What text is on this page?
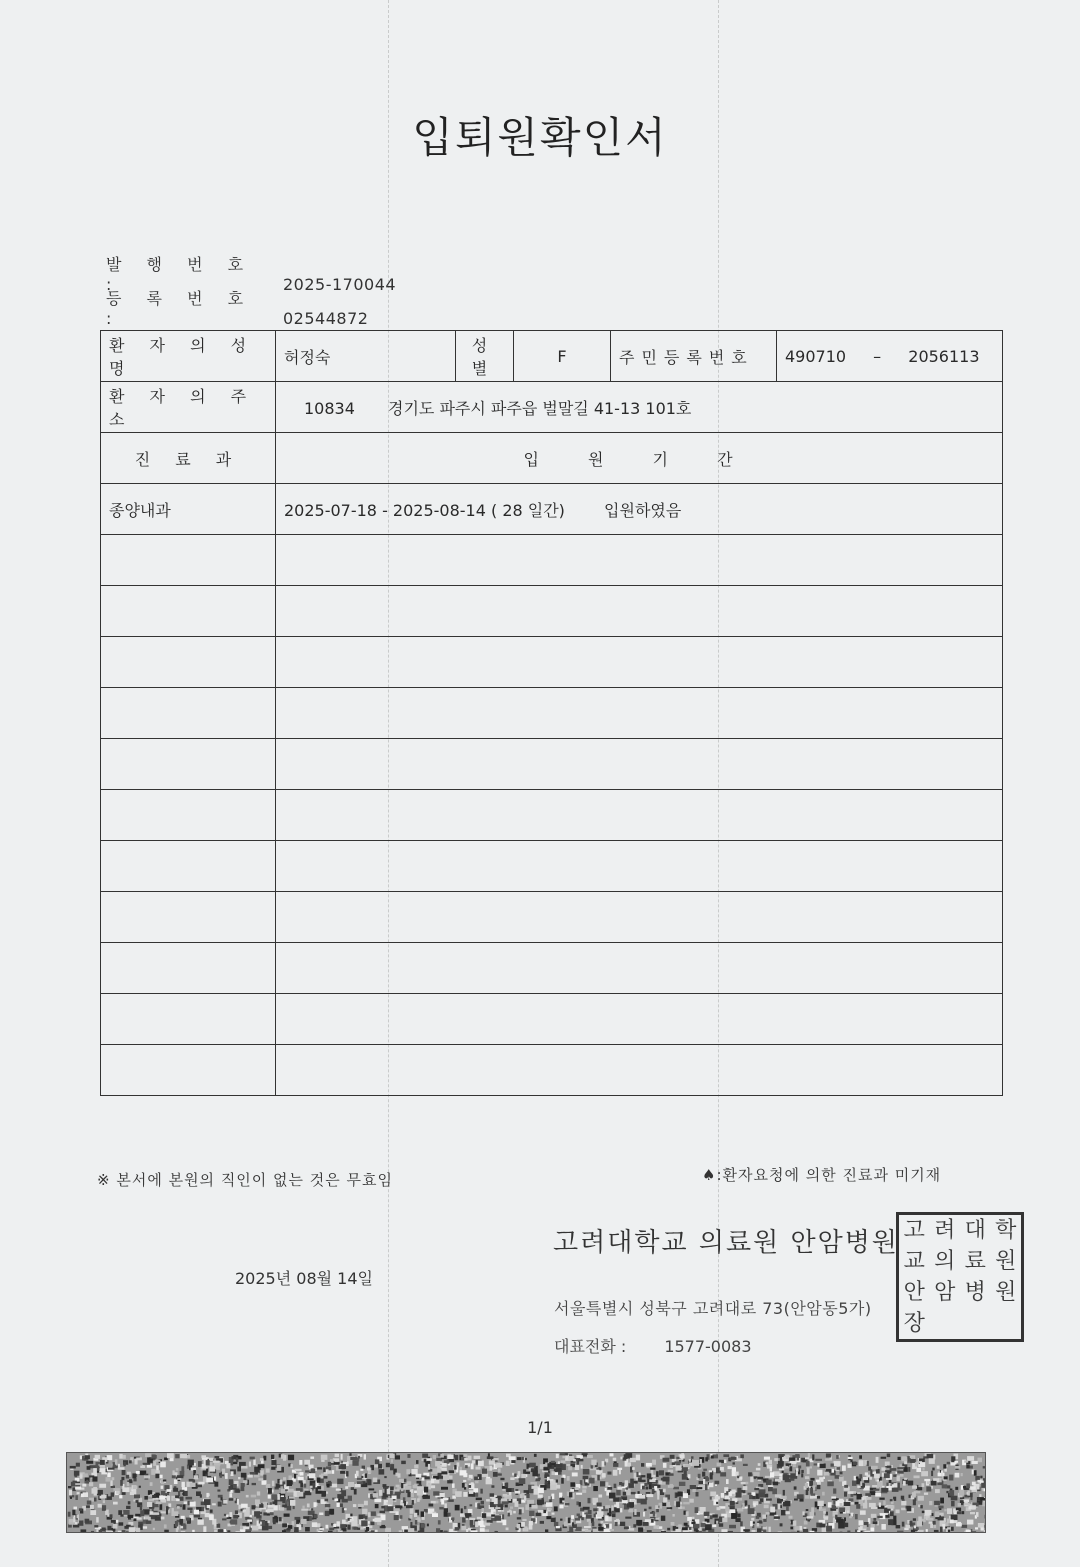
입퇴원확인서
발 행 번 호 :	2025-170044
등 록 번 호 :	02544872
환 자 의 성 명	허정숙	성 별	F	주민등록번호	490710 – 2056113
환 자 의 주 소	10834 경기도 파주시 파주읍 벌말길 41-13 101호				
진 료 과	입 원 기 간				
종양내과	2025-07-18 - 2025-08-14 ( 28 일간) 입원하였음				

※ 본서에 본원의 직인이 없는 것은 무효임	♠:환자요청에 의한 진료과 미기재
고려대학교 의료원 안암병원
2025년 08월 14일
서울특별시 성북구 고려대로 73(안암동5가)
대표전화 : 1577-0083
고 려 대 학
교 의 료 원
안 암 병 원
장
1/1
